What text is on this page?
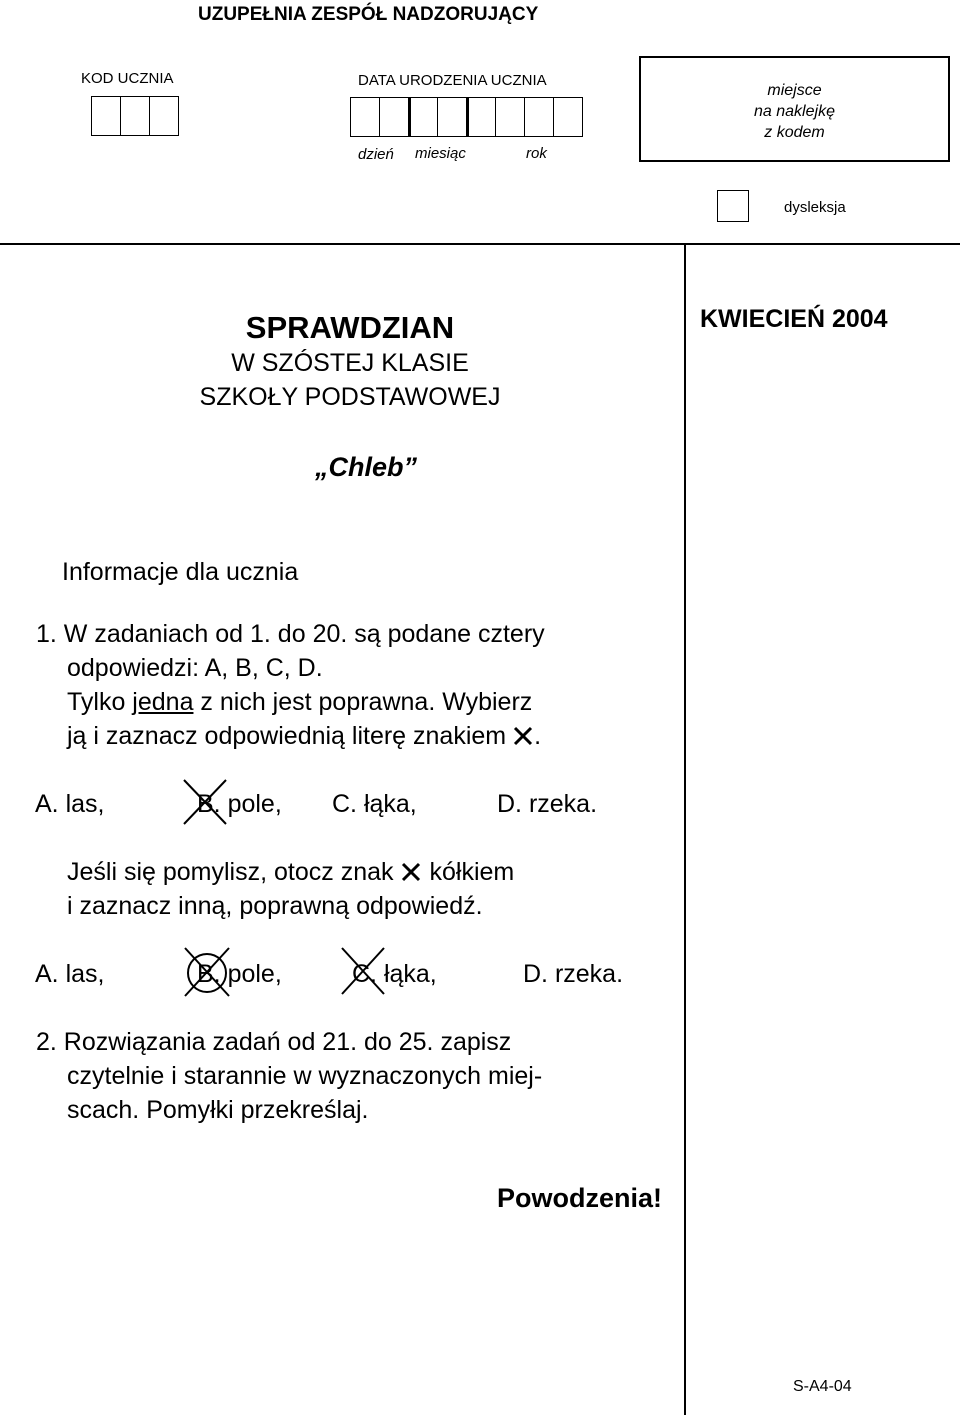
UZUPEŁNIA ZESPÓŁ NADZORUJĄCY
KOD UCZNIA	DATA URODZENIA UCZNIA
dzień miesiąc	rok
miejsce
na naklejkę
z kodem
dysleksja
SPRAWDZIAN
W SZÓSTEJ KLASIE
SZKOŁY PODSTAWOWEJ
KWIECIEŃ 2004
„Chleb”
Informacje dla ucznia
1. W zadaniach od 1. do 20. są podane cztery
odpowiedzi: A, B, C, D.
Tylko jedna z nich jest poprawna. Wybierz
ją i zaznacz odpowiednią literę znakiem .
A. las,	B. pole, C. łąka,	D. rzeka.
Jeśli się pomylisz, otocz znak kółkiem
i zaznacz inną, poprawną odpowiedź.
A. las,	B. pole,	C. łąka,	D. rzeka.
2. Rozwiązania zadań od 21. do 25. zapisz
czytelnie i starannie w wyznaczonych miej-
scach. Pomyłki przekreślaj.
Powodzenia!
S-A4-04
